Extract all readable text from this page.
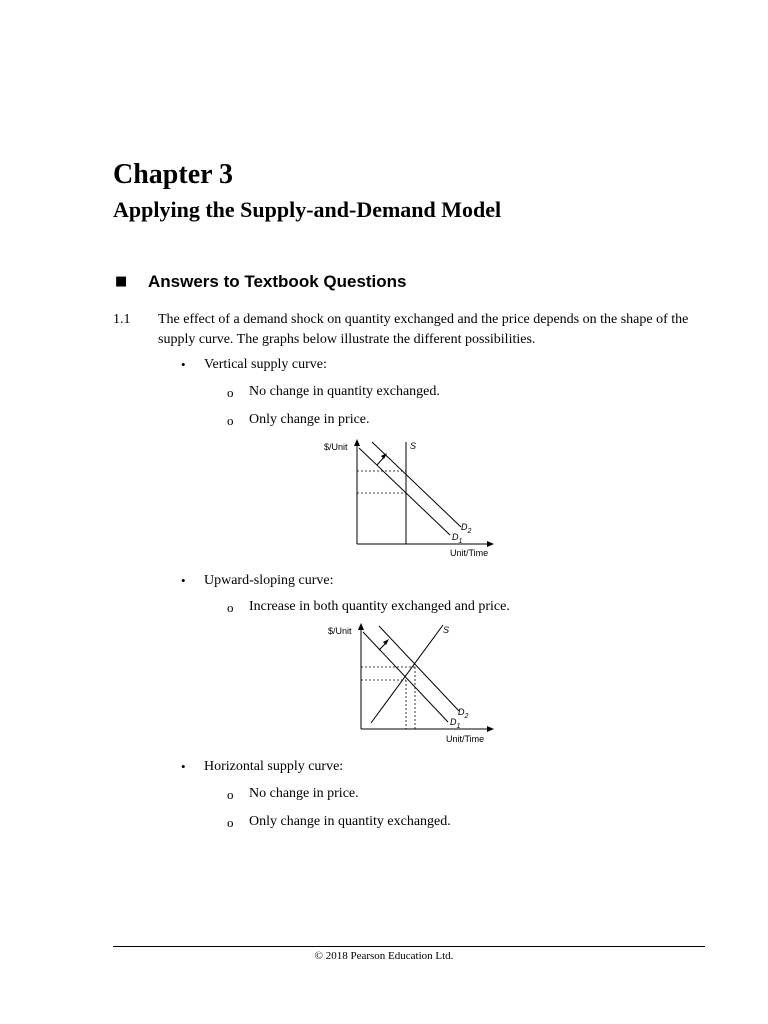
Chapter 3
Applying the Supply-and-Demand Model
■ Answers to Textbook Questions
1.1 The effect of a demand shock on quantity exchanged and the price depends on the shape of the supply curve. The graphs below illustrate the different possibilities.
• Vertical supply curve:
o No change in quantity exchanged.
o Only change in price.
$/Unit
Unit/Time
S
$D_2$
$D_1$
• Upward-sloping curve:
o Increase in both quantity exchanged and price.
$/Unit
Unit/Time
S
$D_2$
$D_1$
• Horizontal supply curve:
o No change in price.
o Only change in quantity exchanged.
© 2018 Pearson Education Ltd.
